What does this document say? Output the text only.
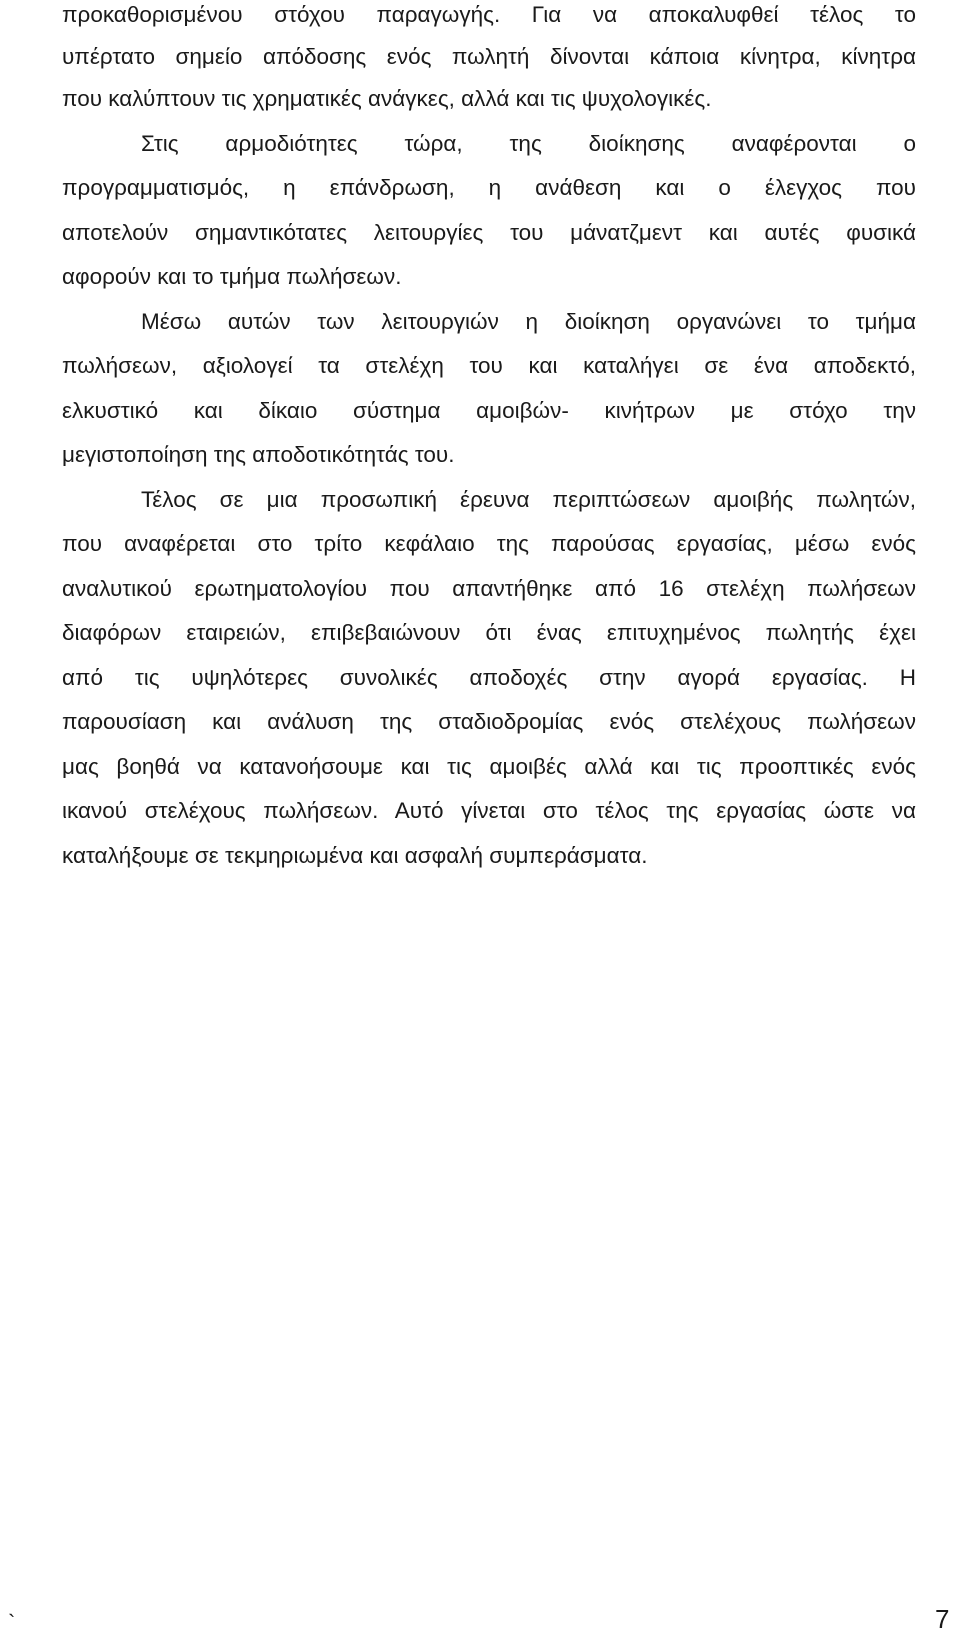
προκαθορισμένου στόχου παραγωγής. Για να αποκαλυφθεί τέλος το
υπέρτατο σημείο απόδοσης ενός πωλητή δίνονται κάποια κίνητρα, κίνητρα
που καλύπτουν τις χρηματικές ανάγκες, αλλά και τις ψυχολογικές.
Στις αρμοδιότητες τώρα, της διοίκησης αναφέρονται ο
προγραμματισμός, η επάνδρωση, η ανάθεση και ο έλεγχος που
αποτελούν σημαντικότατες λειτουργίες του μάνατζμεντ και αυτές φυσικά
αφορούν και το τμήμα πωλήσεων.
Μέσω αυτών των λειτουργιών η διοίκηση οργανώνει το τμήμα
πωλήσεων, αξιολογεί τα στελέχη του και καταλήγει σε ένα αποδεκτό,
ελκυστικό και δίκαιο σύστημα αμοιβών- κινήτρων με στόχο την
μεγιστοποίηση της αποδοτικότητάς του.
Τέλος σε μια προσωπική έρευνα περιπτώσεων αμοιβής πωλητών,
που αναφέρεται στο τρίτο κεφάλαιο της παρούσας εργασίας, μέσω ενός
αναλυτικού ερωτηματολογίου που απαντήθηκε από 16 στελέχη πωλήσεων
διαφόρων εταιρειών, επιβεβαιώνουν ότι ένας επιτυχημένος πωλητής έχει
από τις υψηλότερες συνολικές αποδοχές στην αγορά εργασίας. Η
παρουσίαση και ανάλυση της σταδιοδρομίας ενός στελέχους πωλήσεων
μας βοηθά να κατανοήσουμε και τις αμοιβές αλλά και τις προοπτικές ενός
ικανού στελέχους πωλήσεων. Αυτό γίνεται στο τέλος της εργασίας ώστε να
καταλήξουμε σε τεκμηριωμένα και ασφαλή συμπεράσματα.
`	7
